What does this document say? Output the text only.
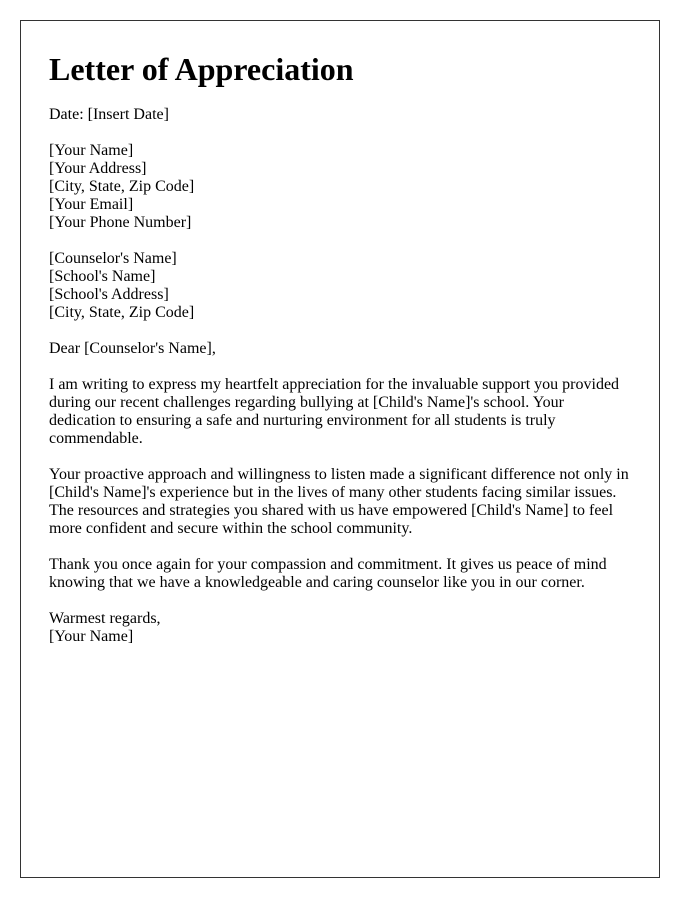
Letter of Appreciation

Date: [Insert Date]

[Your Name]
[Your Address]
[City, State, Zip Code]
[Your Email]
[Your Phone Number]
[Counselor's Name]
[School's Name]
[School's Address]
[City, State, Zip Code]

Dear [Counselor's Name],

I am writing to express my heartfelt appreciation for the invaluable support you provided during our recent challenges regarding bullying at [Child's Name]'s school. Your dedication to ensuring a safe and nurturing environment for all students is truly commendable.

Your proactive approach and willingness to listen made a significant difference not only in [Child's Name]'s experience but in the lives of many other students facing similar issues. The resources and strategies you shared with us have empowered [Child's Name] to feel more confident and secure within the school community.

Thank you once again for your compassion and commitment. It gives us peace of mind knowing that we have a knowledgeable and caring counselor like you in our corner.

Warmest regards,
[Your Name]
